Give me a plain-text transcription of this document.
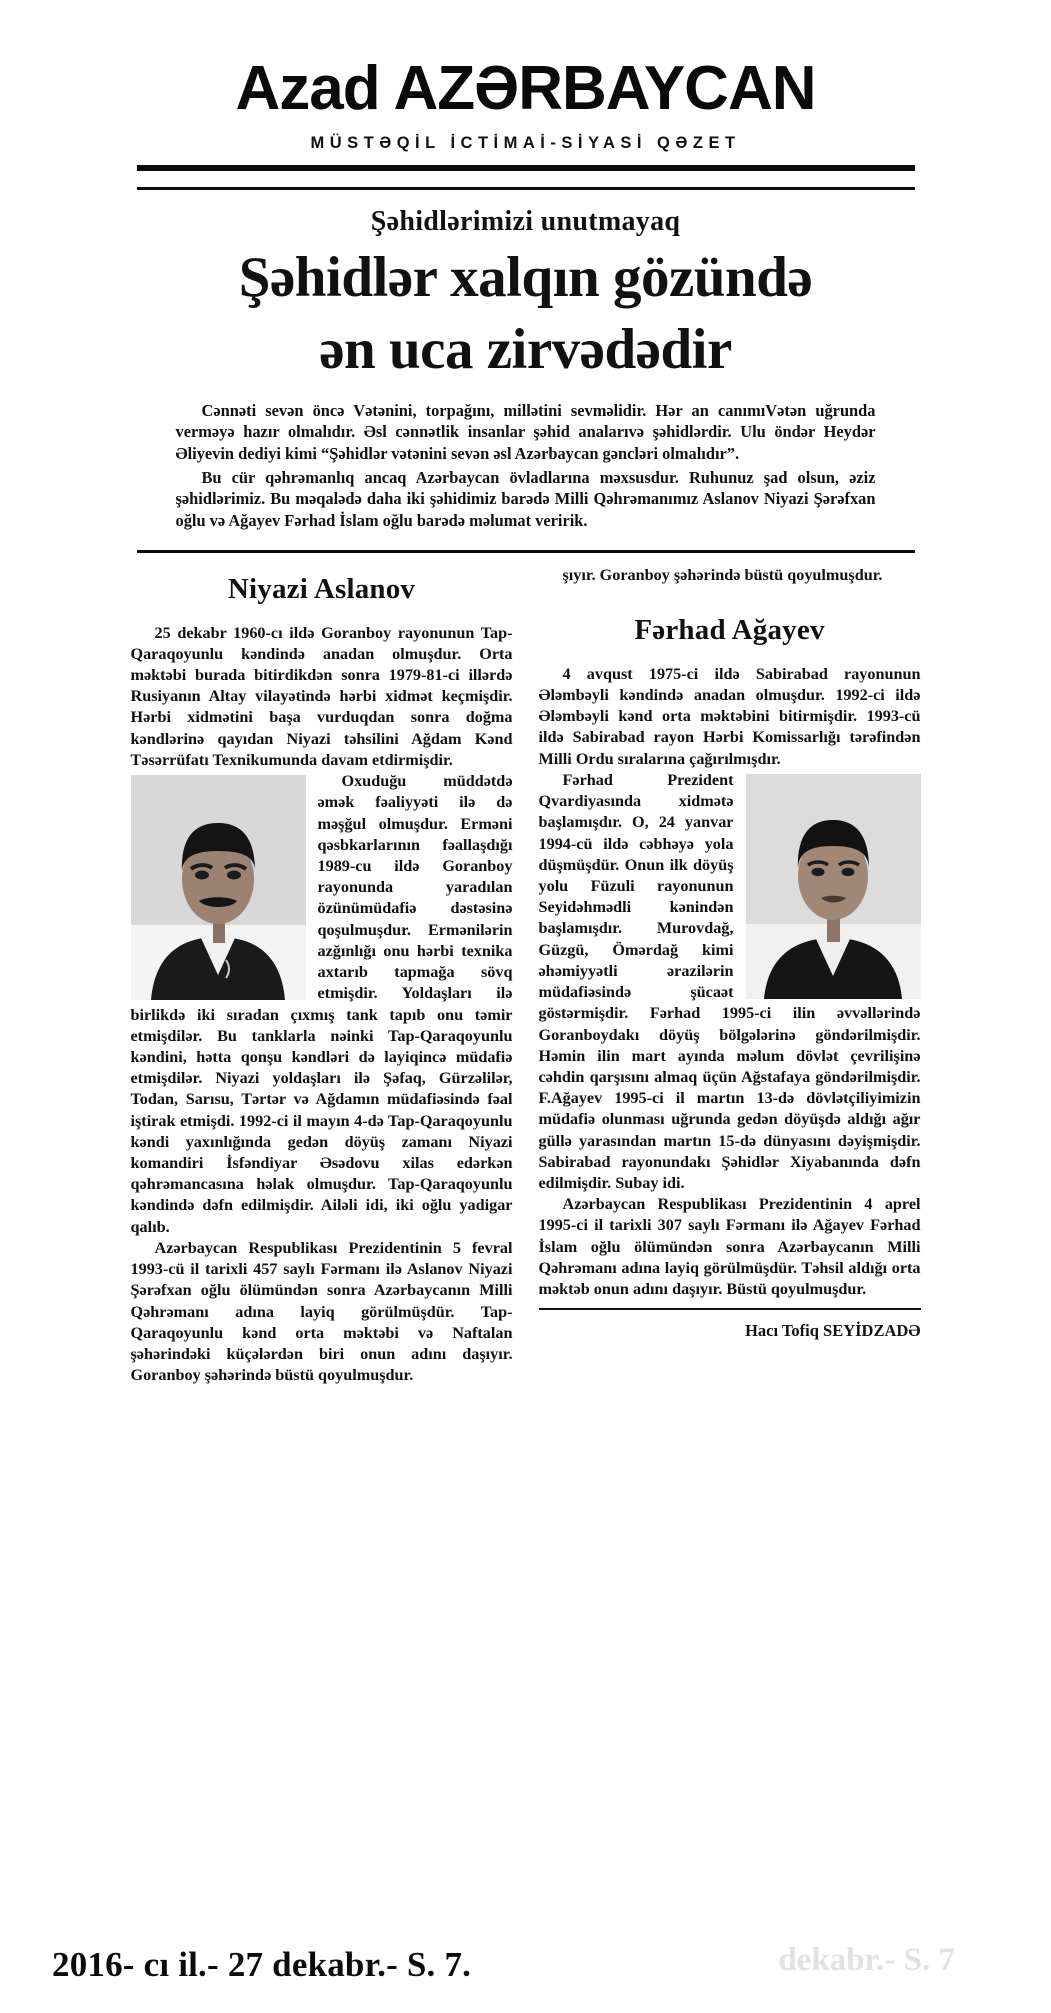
Azad AZƏRBAYCAN
MÜSTƏQİL İCTİMAİ-SİYASİ QƏZET
Şəhidlərimizi unutmayaq
Şəhidlər xalqın gözündə
ən uca zirvədədir

Cənnəti sevən öncə Vətənini, torpağını, millətini sevməlidir. Hər an canımıVətən uğrunda verməyə hazır olmalıdır. Əsl cənnətlik insanlar şəhid analarıvə şəhidlərdir. Ulu öndər Heydər Əliyevin dediyi kimi “Şəhidlər vətənini sevən əsl Azərbaycan gəncləri olmalıdır”.

Bu cür qəhrəmanlıq ancaq Azərbaycan övladlarına məxsusdur. Ruhunuz şad olsun, əziz şəhidlərimiz. Bu məqalədə daha iki şəhidimiz barədə Milli Qəhrəmanımız Aslanov Niyazi Şərəfxan oğlu və Ağayev Fərhad İslam oğlu barədə məlumat veririk.

Niyazi Aslanov

25 dekabr 1960-cı ildə Goranboy rayonunun Tap-Qaraqoyunlu kəndində anadan olmuşdur. Orta məktəbi burada bitirdikdən sonra 1979-81-ci illərdə Rusiyanın Altay vilayətində hərbi xidmət keçmişdir. Hərbi xidmətini başa vurduqdan sonra doğma kəndlərinə qayıdan Niyazi təhsilini Ağdam Kənd Təsərrüfatı Texnikumunda davam etdirmişdir.

Oxuduğu müddətdə əmək fəaliyyəti ilə də məşğul olmuşdur. Erməni qəsbkarlarının fəallaşdığı 1989-cu ildə Goranboy rayonunda yaradılan özünümüdafiə dəstəsinə qoşulmuşdur. Ermənilərin azğınlığı onu hərbi texnika axtarıb tapmağa sövq etmişdir. Yoldaşları ilə birlikdə iki sıradan çıxmış tank tapıb onu təmir etmişdilər. Bu tanklarla nəinki Tap-Qaraqoyunlu kəndini, hətta qonşu kəndləri də layiqincə müdafiə etmişdilər. Niyazi yoldaşları ilə Şəfaq, Gürzəlilər, Todan, Sarısu, Tərtər və Ağdamın müdafiəsində fəal iştirak etmişdi. 1992-ci il mayın 4-də Tap-Qaraqoyunlu kəndi yaxınlığında gedən döyüş zamanı Niyazi komandiri İsfəndiyar Əsədovu xilas edərkən qəhrəmancasına həlak olmuşdur. Tap-Qaraqoyunlu kəndində dəfn edilmişdir. Ailəli idi, iki oğlu yadigar qalıb.

Azərbaycan Respublikası Prezidentinin 5 fevral 1993-cü il tarixli 457 saylı Fərmanı ilə Aslanov Niyazi Şərəfxan oğlu ölümündən sonra Azərbaycanın Milli Qəhrəmanı adına layiq görülmüşdür. Tap-Qaraqoyunlu kənd orta məktəbi və Naftalan şəhərindəki küçələrdən biri onun adını daşıyır. Goranboy şəhərində büstü qoyulmuşdur.

şıyır. Goranboy şəhərində büstü qoyulmuşdur.

Fərhad Ağayev

4 avqust 1975-ci ildə Sabirabad rayonunun Ələmbəyli kəndində anadan olmuşdur. 1992-ci ildə Ələmbəyli kənd orta məktəbini bitirmişdir. 1993-cü ildə Sabirabad rayon Hərbi Komissarlığı tərəfindən Milli Ordu sıralarına çağırılmışdır.

Fərhad Prezident Qvardiyasında xidmətə başlamışdır. O, 24 yanvar 1994-cü ildə cəbhəyə yola düşmüşdür. Onun ilk döyüş yolu Füzuli rayonunun Seyidəhmədli kənindən başlamışdır. Murovdağ, Güzgü, Ömərdağ kimi əhəmiyyətli ərazilərin müdafiəsində şücaət göstərmişdir. Fərhad 1995-ci ilin əvvəllərində Goranboydakı döyüş bölgələrinə göndərilmişdir. Həmin ilin mart ayında məlum dövlət çevrilişinə cəhdin qarşısını almaq üçün Ağstafaya göndərilmişdir. F.Ağayev 1995-ci il martın 13-də dövlətçiliyimizin müdafiə olunması uğrunda gedən döyüşdə aldığı ağır güllə yarasından martın 15-də dünyasını dəyişmişdir. Sabirabad rayonundakı Şəhidlər Xiyabanında dəfn edilmişdir. Subay idi.

Azərbaycan Respublikası Prezidentinin 4 aprel 1995-ci il tarixli 307 saylı Fərmanı ilə Ağayev Fərhad İslam oğlu ölümündən sonra Azərbaycanın Milli Qəhrəmanı adına layiq görülmüşdür. Təhsil aldığı orta məktəb onun adını daşıyır. Büstü qoyulmuşdur.

Hacı Tofiq SEYİDZADƏ
dekabr.- S. 7
2016- cı il.- 27 dekabr.- S. 7.
